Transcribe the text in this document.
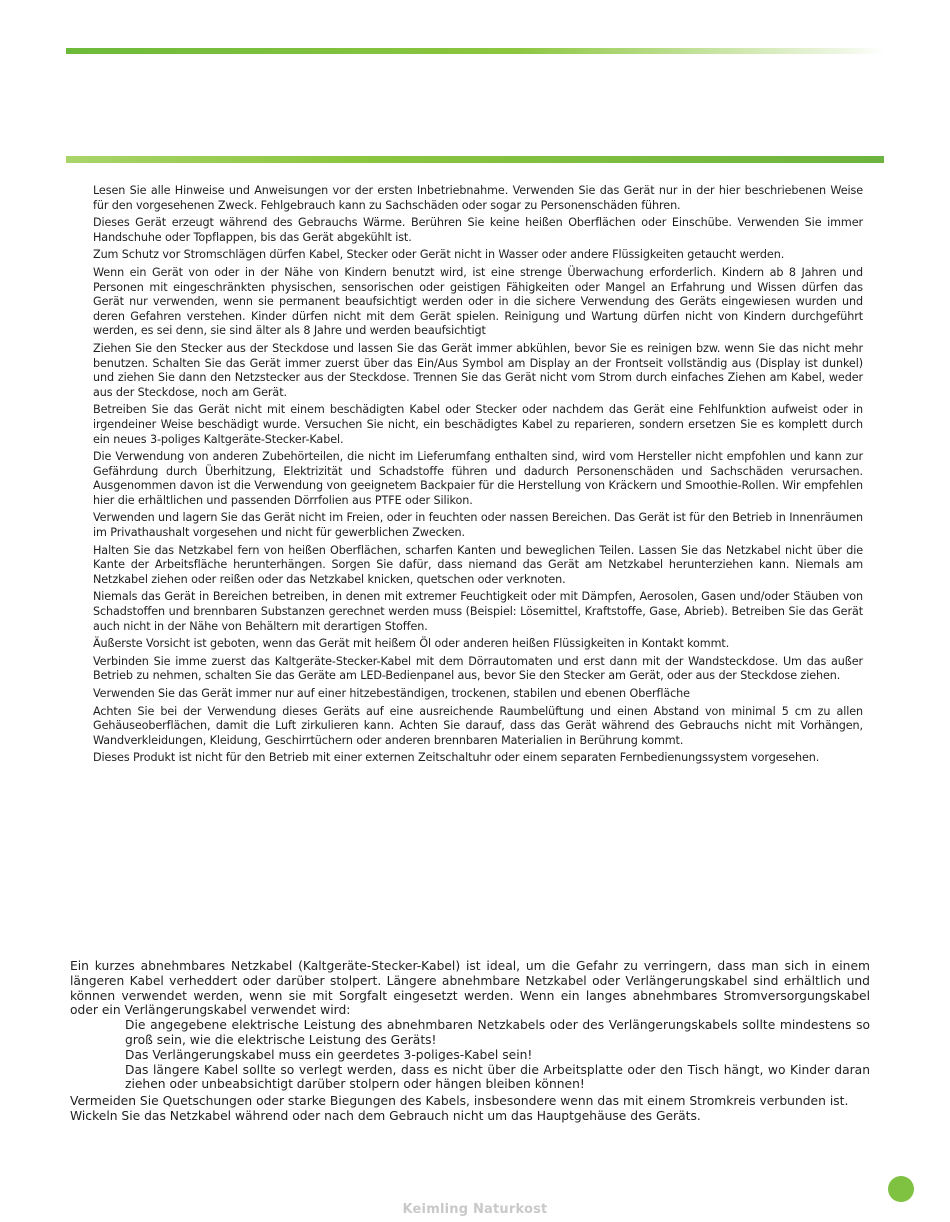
Lesen Sie alle Hinweise und Anweisungen vor der ersten Inbetriebnahme. Verwenden Sie das Gerät nur in der hier beschriebenen Weise für den vorgesehenen Zweck. Fehlgebrauch kann zu Sachschäden oder sogar zu Personenschäden führen.

Dieses Gerät erzeugt während des Gebrauchs Wärme. Berühren Sie keine heißen Oberflächen oder Einschübe. Verwenden Sie immer Handschuhe oder Topflappen, bis das Gerät abgekühlt ist.

Zum Schutz vor Stromschlägen dürfen Kabel, Stecker oder Gerät nicht in Wasser oder andere Flüssigkeiten getaucht werden.

Wenn ein Gerät von oder in der Nähe von Kindern benutzt wird, ist eine strenge Überwachung erforderlich. Kindern ab 8 Jahren und Personen mit eingeschränkten physischen, sensorischen oder geistigen Fähigkeiten oder Mangel an Erfahrung und Wissen dürfen das Gerät nur verwenden, wenn sie permanent beaufsichtigt werden oder in die sichere Verwendung des Geräts eingewiesen wurden und deren Gefahren verstehen. Kinder dürfen nicht mit dem Gerät spielen. Reinigung und Wartung dürfen nicht von Kindern durchgeführt werden, es sei denn, sie sind älter als 8 Jahre und werden beaufsichtigt

Ziehen Sie den Stecker aus der Steckdose und lassen Sie das Gerät immer abkühlen, bevor Sie es reinigen bzw. wenn Sie das nicht mehr benutzen. Schalten Sie das Gerät immer zuerst über das Ein/Aus Symbol am Display an der Frontseit vollständig aus (Display ist dunkel) und ziehen Sie dann den Netzstecker aus der Steckdose. Trennen Sie das Gerät nicht vom Strom durch einfaches Ziehen am Kabel, weder aus der Steckdose, noch am Gerät.

Betreiben Sie das Gerät nicht mit einem beschädigten Kabel oder Stecker oder nachdem das Gerät eine Fehlfunktion aufweist oder in irgendeiner Weise beschädigt wurde. Versuchen Sie nicht, ein beschädigtes Kabel zu reparieren, sondern ersetzen Sie es komplett durch ein neues 3-poliges Kaltgeräte-Stecker-Kabel.

Die Verwendung von anderen Zubehörteilen, die nicht im Lieferumfang enthalten sind, wird vom Hersteller nicht empfohlen und kann zur Gefährdung durch Überhitzung, Elektrizität und Schadstoffe führen und dadurch Personenschäden und Sachschäden verursachen. Ausgenommen davon ist die Verwendung von geeignetem Backpaier für die Herstellung von Kräckern und Smoothie-Rollen. Wir empfehlen hier die erhältlichen und passenden Dörrfolien aus PTFE oder Silikon.

Verwenden und lagern Sie das Gerät nicht im Freien, oder in feuchten oder nassen Bereichen. Das Gerät ist für den Betrieb in Innenräumen im Privathaushalt vorgesehen und nicht für gewerblichen Zwecken.

Halten Sie das Netzkabel fern von heißen Oberflächen, scharfen Kanten und beweglichen Teilen. Lassen Sie das Netzkabel nicht über die Kante der Arbeitsfläche herunterhängen. Sorgen Sie dafür, dass niemand das Gerät am Netzkabel herunterziehen kann. Niemals am Netzkabel ziehen oder reißen oder das Netzkabel knicken, quetschen oder verknoten.

Niemals das Gerät in Bereichen betreiben, in denen mit extremer Feuchtigkeit oder mit Dämpfen, Aerosolen, Gasen und/oder Stäuben von Schadstoffen und brennbaren Substanzen gerechnet werden muss (Beispiel: Lösemittel, Kraftstoffe, Gase, Abrieb). Betreiben Sie das Gerät auch nicht in der Nähe von Behältern mit derartigen Stoffen.

Äußerste Vorsicht ist geboten, wenn das Gerät mit heißem Öl oder anderen heißen Flüssigkeiten in Kontakt kommt.

Verbinden Sie imme zuerst das Kaltgeräte-Stecker-Kabel mit dem Dörrautomaten und erst dann mit der Wandsteckdose. Um das außer Betrieb zu nehmen, schalten Sie das Geräte am LED-Bedienpanel aus, bevor Sie den Stecker am Gerät, oder aus der Steckdose ziehen.

Verwenden Sie das Gerät immer nur auf einer hitzebeständigen, trockenen, stabilen und ebenen Oberfläche

Achten Sie bei der Verwendung dieses Geräts auf eine ausreichende Raumbelüftung und einen Abstand von minimal 5 cm zu allen Gehäuseoberflächen, damit die Luft zirkulieren kann. Achten Sie darauf, dass das Gerät während des Gebrauchs nicht mit Vorhängen, Wandverkleidungen, Kleidung, Geschirrtüchern oder anderen brennbaren Materialien in Berührung kommt.

Dieses Produkt ist nicht für den Betrieb mit einer externen Zeitschaltuhr oder einem separaten Fernbedienungssystem vorgesehen.

Ein kurzes abnehmbares Netzkabel (Kaltgeräte-Stecker-Kabel) ist ideal, um die Gefahr zu verringern, dass man sich in einem längeren Kabel verheddert oder darüber stolpert. Längere abnehmbare Netzkabel oder Verlängerungskabel sind erhältlich und können verwendet werden, wenn sie mit Sorgfalt eingesetzt werden. Wenn ein langes abnehmbares Stromversorgungskabel oder ein Verlängerungskabel verwendet wird:

Die angegebene elektrische Leistung des abnehmbaren Netzkabels oder des Verlängerungskabels sollte mindestens so groß sein, wie die elektrische Leistung des Geräts!
Das Verlängerungskabel muss ein geerdetes 3-poliges-Kabel sein!
Das längere Kabel sollte so verlegt werden, dass es nicht über die Arbeitsplatte oder den Tisch hängt, wo Kinder daran ziehen oder unbeabsichtigt darüber stolpern oder hängen bleiben können!

Vermeiden Sie Quetschungen oder starke Biegungen des Kabels, insbesondere wenn das mit einem Stromkreis verbunden ist.

Wickeln Sie das Netzkabel während oder nach dem Gebrauch nicht um das Hauptgehäuse des Geräts.

Keimling Naturkost
